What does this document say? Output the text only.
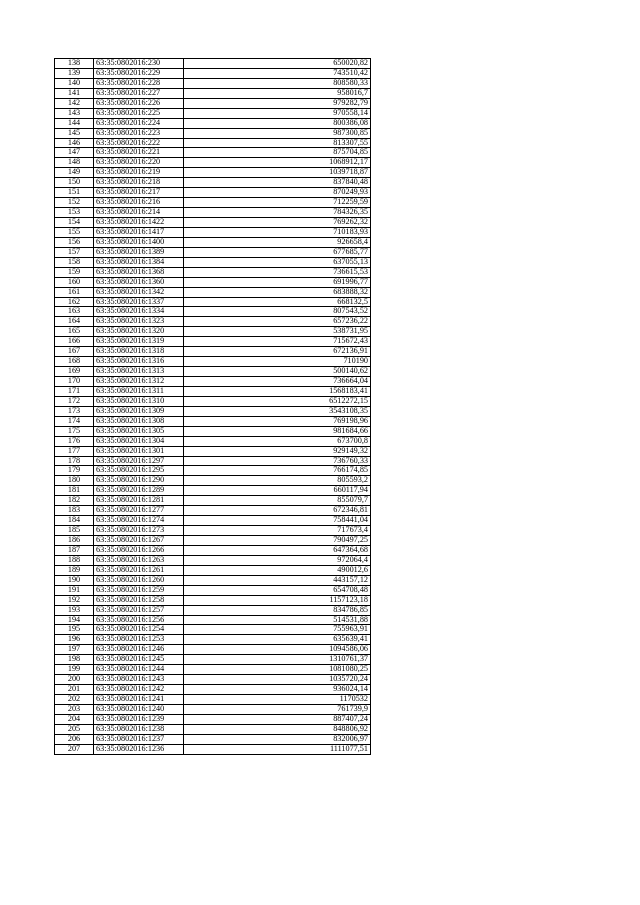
138	63:35:0802016:230	650020,82
139	63:35:0802016:229	743510,42
140	63:35:0802016:228	808580,33
141	63:35:0802016:227	958016,7
142	63:35:0802016:226	979282,79
143	63:35:0802016:225	970558,14
144	63:35:0802016:224	800386,08
145	63:35:0802016:223	987300,85
146	63:35:0802016:222	813307,55
147	63:35:0802016:221	875704,85
148	63:35:0802016:220	1068912,17
149	63:35:0802016:219	1039718,87
150	63:35:0802016:218	837840,48
151	63:35:0802016:217	870249,93
152	63:35:0802016:216	712259,59
153	63:35:0802016:214	784326,35
154	63:35:0802016:1422	769262,32
155	63:35:0802016:1417	710183,93
156	63:35:0802016:1400	926658,4
157	63:35:0802016:1389	677685,77
158	63:35:0802016:1384	637055,13
159	63:35:0802016:1368	736615,53
160	63:35:0802016:1360	691996,77
161	63:35:0802016:1342	683888,32
162	63:35:0802016:1337	668132,5
163	63:35:0802016:1334	807543,52
164	63:35:0802016:1323	657236,22
165	63:35:0802016:1320	538731,95
166	63:35:0802016:1319	715672,43
167	63:35:0802016:1318	672136,91
168	63:35:0802016:1316	710190
169	63:35:0802016:1313	500140,62
170	63:35:0802016:1312	736664,04
171	63:35:0802016:1311	1568183,41
172	63:35:0802016:1310	6512272,15
173	63:35:0802016:1309	3543108,35
174	63:35:0802016:1308	769198,96
175	63:35:0802016:1305	981684,66
176	63:35:0802016:1304	673700,8
177	63:35:0802016:1301	929149,32
178	63:35:0802016:1297	736760,33
179	63:35:0802016:1295	766174,85
180	63:35:0802016:1290	805593,2
181	63:35:0802016:1289	660117,94
182	63:35:0802016:1281	855079,7
183	63:35:0802016:1277	672346,81
184	63:35:0802016:1274	758441,04
185	63:35:0802016:1273	717673,4
186	63:35:0802016:1267	790497,25
187	63:35:0802016:1266	647364,68
188	63:35:0802016:1263	972064,4
189	63:35:0802016:1261	490012,6
190	63:35:0802016:1260	443157,12
191	63:35:0802016:1259	654708,48
192	63:35:0802016:1258	1157123,18
193	63:35:0802016:1257	834786,85
194	63:35:0802016:1256	514531,88
195	63:35:0802016:1254	755963,91
196	63:35:0802016:1253	635639,41
197	63:35:0802016:1246	1094586,06
198	63:35:0802016:1245	1310761,37
199	63:35:0802016:1244	1081080,25
200	63:35:0802016:1243	1035720,24
201	63:35:0802016:1242	936024,14
202	63:35:0802016:1241	1170532
203	63:35:0802016:1240	761739,9
204	63:35:0802016:1239	887407,24
205	63:35:0802016:1238	848806,92
206	63:35:0802016:1237	832006,97
207	63:35:0802016:1236	1111077,51
